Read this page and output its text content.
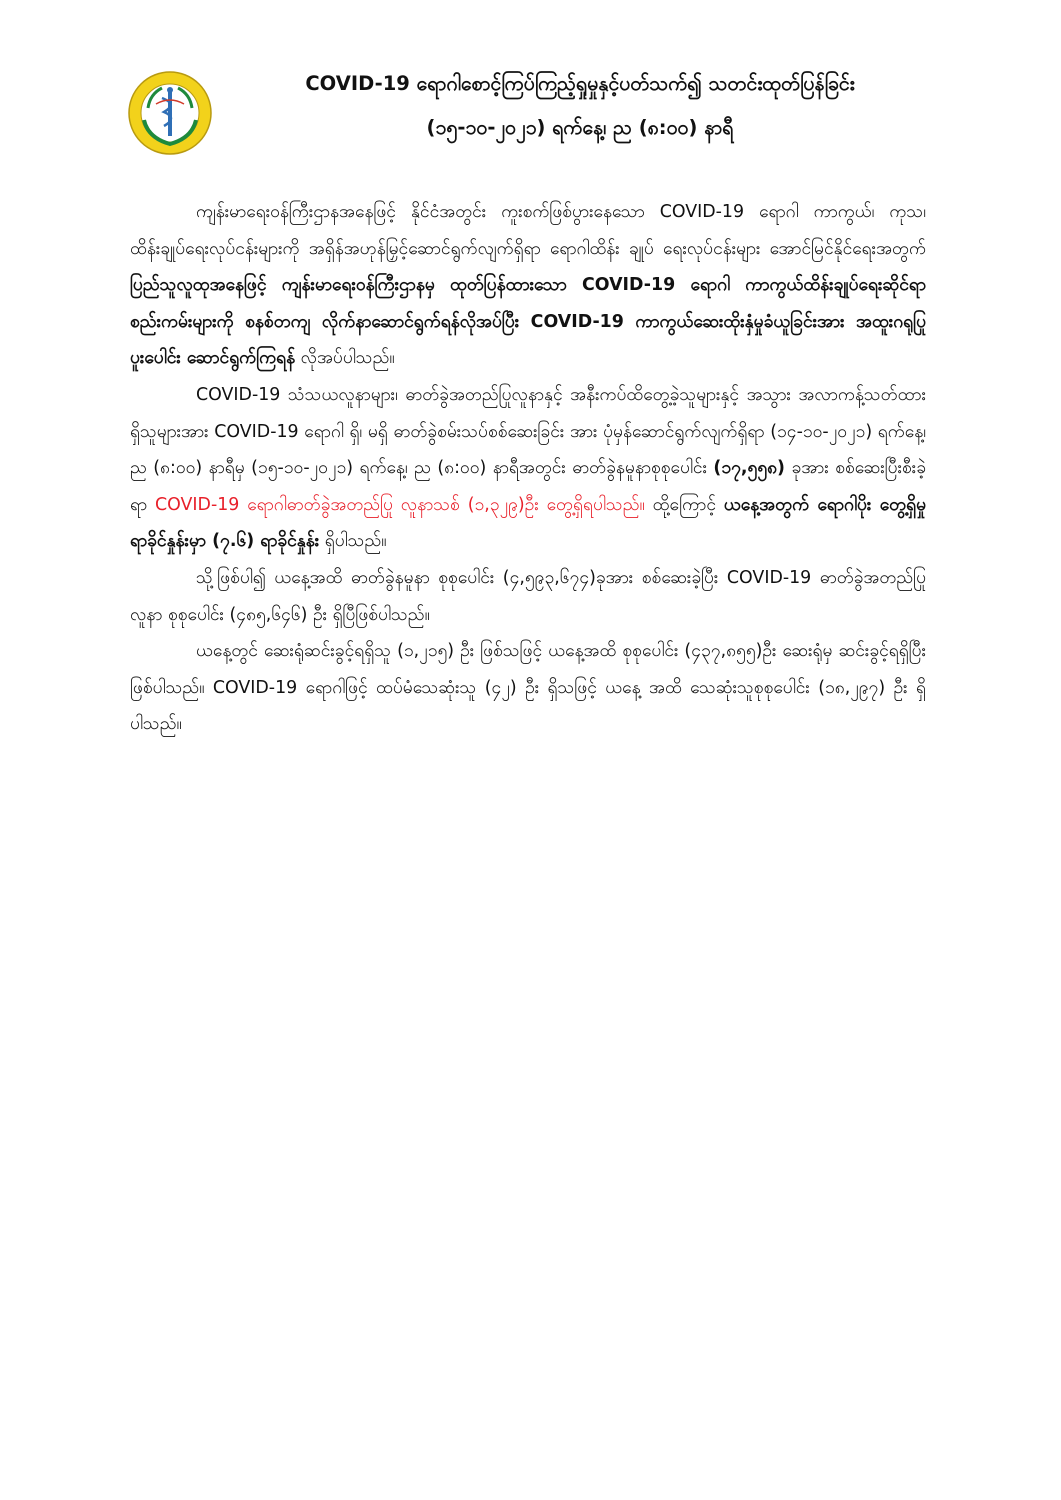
COVID-19 ရောဂါစောင့်ကြပ်ကြည့်ရှုမှုနှင့်ပတ်သက်၍ သတင်းထုတ်ပြန်ခြင်း
(၁၅-၁၀-၂၀၂၁) ရက်နေ့၊ ည (၈:၀၀) နာရီ

ကျန်းမာရေးဝန်ကြီးဌာနအနေဖြင့် နိုင်ငံအတွင်း ကူးစက်ဖြစ်ပွားနေသော COVID-19 ရောဂါ ကာကွယ်၊ ကုသ၊ ထိန်းချုပ်ရေးလုပ်ငန်းများကို အရှိန်အဟုန်မြှင့်ဆောင်ရွက်လျက်ရှိရာ ရောဂါထိန်း ချုပ် ရေးလုပ်ငန်းများ အောင်မြင်နိုင်ရေးအတွက် ပြည်သူလူထုအနေဖြင့် ကျန်းမာရေးဝန်ကြီးဌာနမှ ထုတ်ပြန်ထားသော COVID-19 ရောဂါ ကာကွယ်ထိန်းချုပ်ရေးဆိုင်ရာ စည်းကမ်းများကို စနစ်တကျ လိုက်နာဆောင်ရွက်ရန်လိုအပ်ပြီး COVID-19 ကာကွယ်ဆေးထိုးနှံမှုခံယူခြင်းအား အထူးဂရုပြု ပူးပေါင်း ဆောင်ရွက်ကြရန် လိုအပ်ပါသည်။

COVID-19 သံသယလူနာများ၊ ဓာတ်ခွဲအတည်ပြုလူနာနှင့် အနီးကပ်ထိတွေ့ခဲ့သူများနှင့် အသွား အလာကန့်သတ်ထားရှိသူများအား COVID-19 ရောဂါ ရှိ၊ မရှိ ဓာတ်ခွဲစမ်းသပ်စစ်ဆေးခြင်း အား ပုံမှန်ဆောင်ရွက်လျက်ရှိရာ (၁၄-၁၀-၂၀၂၁) ရက်နေ့၊ ည (၈:၀၀) နာရီမှ (၁၅-၁၀-၂၀၂၁) ရက်နေ့၊ ည (၈:၀၀) နာရီအတွင်း ဓာတ်ခွဲနမူနာစုစုပေါင်း (၁၇,၅၅၈) ခုအား စစ်ဆေးပြီးစီးခဲ့ရာ COVID-19 ရောဂါဓာတ်ခွဲအတည်ပြု လူနာသစ် (၁,၃၂၉)ဦး တွေ့ရှိရပါသည်။ ထို့ကြောင့် ယနေ့အတွက် ရောဂါပိုး တွေ့ရှိမှု ရာခိုင်နှုန်းမှာ (၇.၆) ရာခိုင်နှုန်း ရှိပါသည်။

သို့ဖြစ်ပါ၍ ယနေ့အထိ ဓာတ်ခွဲနမူနာ စုစုပေါင်း (၄,၅၉၃,၆၇၄)ခုအား စစ်ဆေးခဲ့ပြီး COVID-19 ဓာတ်ခွဲအတည်ပြုလူနာ စုစုပေါင်း (၄၈၅,၆၄၆) ဦး ရှိပြီဖြစ်ပါသည်။

ယနေ့တွင် ဆေးရုံဆင်းခွင့်ရရှိသူ (၁,၂၁၅) ဦး ဖြစ်သဖြင့် ယနေ့အထိ စုစုပေါင်း (၄၃၇,၈၅၅)ဦး ဆေးရုံမှ ဆင်းခွင့်ရရှိပြီး ဖြစ်ပါသည်။ COVID-19 ရောဂါဖြင့် ထပ်မံသေဆုံးသူ (၄၂) ဦး ရှိသဖြင့် ယနေ့ အထိ သေဆုံးသူစုစုပေါင်း (၁၈,၂၉၇) ဦး ရှိပါသည်။
